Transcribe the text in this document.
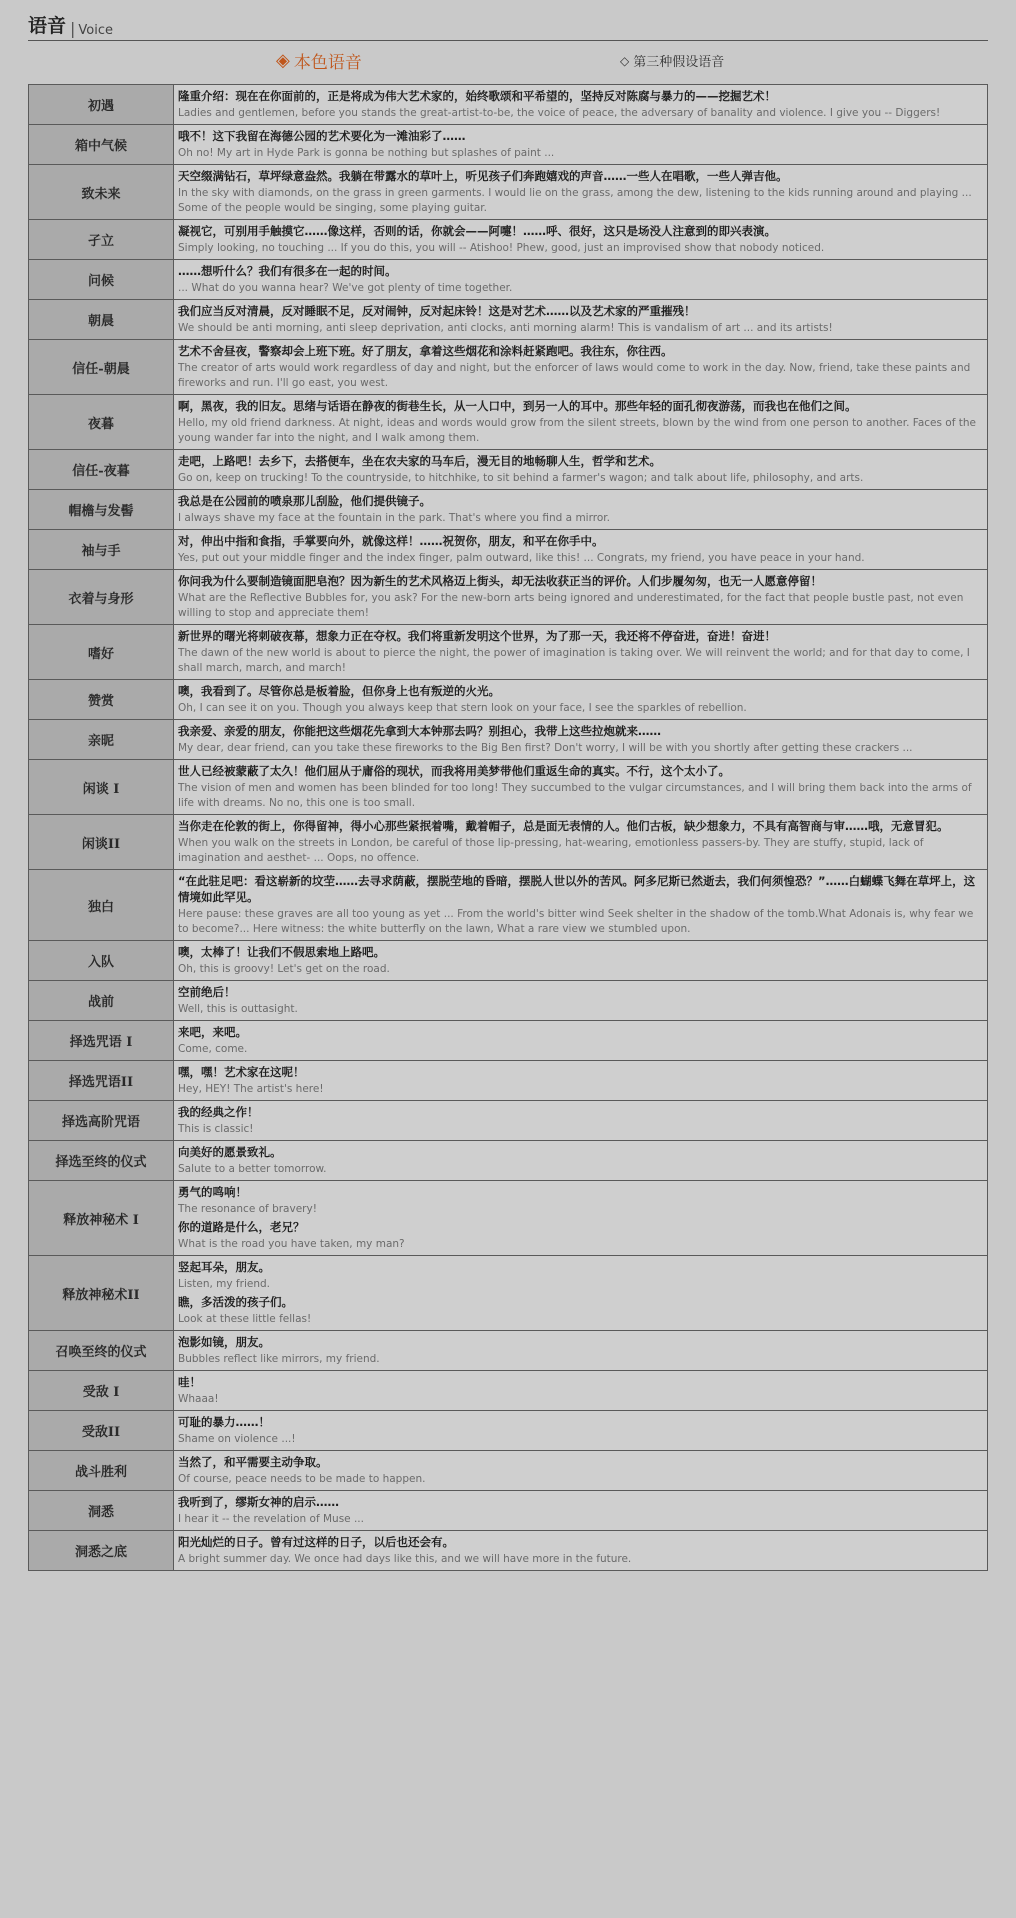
语音 | Voice
◈ 本色语音	◇ 第三种假设语音
初遇	隆重介绍：现在在你面前的，正是将成为伟大艺术家的，始终歌颂和平希望的，坚持反对陈腐与暴力的——挖掘艺术！
Ladies and gentlemen, before you stands the great-artist-to-be, the voice of peace, the adversary of banality and violence. I give you -- Diggers!

箱中气候	哦不！这下我留在海德公园的艺术要化为一滩油彩了……
Oh no! My art in Hyde Park is gonna be nothing but splashes of paint ...

致未来	天空缀满钻石，草坪绿意盎然。我躺在带露水的草叶上，听见孩子们奔跑嬉戏的声音……一些人在唱歌，一些人弹吉他。
In the sky with diamonds, on the grass in green garments. I would lie on the grass, among the dew, listening to the kids running around and playing ... Some of the people would be singing, some playing guitar.

孑立	凝视它，可别用手触摸它……像这样，否则的话，你就会——阿嚏！……呼、很好，这只是场没人注意到的即兴表演。
Simply looking, no touching ... If you do this, you will -- Atishoo! Phew, good, just an improvised show that nobody noticed.

问候	……想听什么？我们有很多在一起的时间。
... What do you wanna hear? We've got plenty of time together.

朝晨	我们应当反对清晨，反对睡眠不足，反对闹钟，反对起床铃！这是对艺术……以及艺术家的严重摧残！
We should be anti morning, anti sleep deprivation, anti clocks, anti morning alarm! This is vandalism of art ... and its artists!

信任-朝晨	艺术不舍昼夜，警察却会上班下班。好了朋友，拿着这些烟花和涂料赶紧跑吧。我往东，你往西。
The creator of arts would work regardless of day and night, but the enforcer of laws would come to work in the day. Now, friend, take these paints and fireworks and run. I'll go east, you west.

夜暮	啊，黑夜，我的旧友。思绪与话语在静夜的街巷生长，从一人口中，到另一人的耳中。那些年轻的面孔彻夜游荡，而我也在他们之间。
Hello, my old friend darkness. At night, ideas and words would grow from the silent streets, blown by the wind from one person to another. Faces of the young wander far into the night, and I walk among them.

信任-夜暮	走吧，上路吧！去乡下，去搭便车，坐在农夫家的马车后，漫无目的地畅聊人生，哲学和艺术。
Go on, keep on trucking! To the countryside, to hitchhike, to sit behind a farmer's wagon; and talk about life, philosophy, and arts.

帽檐与发髻	我总是在公园前的喷泉那儿刮脸，他们提供镜子。
I always shave my face at the fountain in the park. That's where you find a mirror.

袖与手	对，伸出中指和食指，手掌要向外，就像这样！……祝贺你，朋友，和平在你手中。
Yes, put out your middle finger and the index finger, palm outward, like this! ... Congrats, my friend, you have peace in your hand.

衣着与身形	你问我为什么要制造镜面肥皂泡？因为新生的艺术风格迈上街头，却无法收获正当的评价。人们步履匆匆，也无一人愿意停留！
What are the Reflective Bubbles for, you ask? For the new-born arts being ignored and underestimated, for the fact that people bustle past, not even willing to stop and appreciate them!

嗜好	新世界的曙光将刺破夜幕，想象力正在夺权。我们将重新发明这个世界，为了那一天，我还将不停奋进，奋进！奋进！
The dawn of the new world is about to pierce the night, the power of imagination is taking over. We will reinvent the world; and for that day to come, I shall march, march, and march!

赞赏	噢，我看到了。尽管你总是板着脸，但你身上也有叛逆的火光。
Oh, I can see it on you. Though you always keep that stern look on your face, I see the sparkles of rebellion.

亲昵	我亲爱、亲爱的朋友，你能把这些烟花先拿到大本钟那去吗？别担心，我带上这些拉炮就来……
My dear, dear friend, can you take these fireworks to the Big Ben first? Don't worry, I will be with you shortly after getting these crackers ...

闲谈 I	世人已经被蒙蔽了太久！他们屈从于庸俗的现状，而我将用美梦带他们重返生命的真实。不行，这个太小了。
The vision of men and women has been blinded for too long! They succumbed to the vulgar circumstances, and I will bring them back into the arms of life with dreams. No no, this one is too small.

闲谈II	当你走在伦敦的街上，你得留神，得小心那些紧抿着嘴，戴着帽子，总是面无表情的人。他们古板，缺少想象力，不具有高智商与审……哦，无意冒犯。
When you walk on the streets in London, be careful of those lip-pressing, hat-wearing, emotionless passers-by. They are stuffy, stupid, lack of imagination and aesthet- ... Oops, no offence.

独白	“在此驻足吧：看这崭新的坟茔……去寻求荫蔽，摆脱茔地的昏暗，摆脱人世以外的苦风。阿多尼斯已然逝去，我们何须惶恐？”……白蝴蝶飞舞在草坪上，这情境如此罕见。
Here pause: these graves are all too young as yet ... From the world's bitter wind Seek shelter in the shadow of the tomb.What Adonais is, why fear we to become?... Here witness: the white butterfly on the lawn, What a rare view we stumbled upon.

入队	噢，太棒了！让我们不假思索地上路吧。
Oh, this is groovy! Let's get on the road.

战前	空前绝后！
Well, this is outtasight.

择选咒语 I	来吧，来吧。
Come, come.

择选咒语II	嘿，嘿！艺术家在这呢！
Hey, HEY! The artist's here!

择选高阶咒语	我的经典之作！
This is classic!

择选至终的仪式	向美好的愿景致礼。
Salute to a better tomorrow.

释放神秘术 I	勇气的鸣响！
The resonance of bravery!
你的道路是什么，老兄？
What is the road you have taken, my man?

释放神秘术II	竖起耳朵，朋友。
Listen, my friend.
瞧，多活泼的孩子们。
Look at these little fellas!

召唤至终的仪式	泡影如镜，朋友。
Bubbles reflect like mirrors, my friend.

受敌 I	哇！
Whaaa!

受敌II	可耻的暴力……！
Shame on violence ...!

战斗胜利	当然了，和平需要主动争取。
Of course, peace needs to be made to happen.

洞悉	我听到了，缪斯女神的启示……
I hear it -- the revelation of Muse ...

洞悉之底	阳光灿烂的日子。曾有过这样的日子，以后也还会有。
A bright summer day. We once had days like this, and we will have more in the future.
